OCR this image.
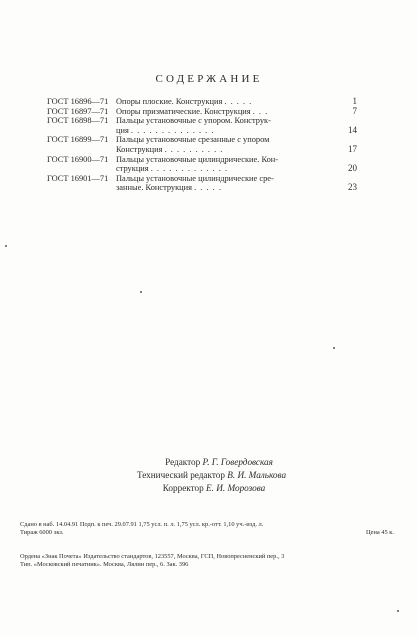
СОДЕРЖАНИЕ
ГОСТ 16896—71 Опоры плоские. Конструкция . . . . .	1
ГОСТ 16897—71 Опоры призматические. Конструкция . . .	7
ГОСТ 16898—71 Пальцы установочные с упором. Конструк-
ция . . . . . . . . . . . . . .	14
ГОСТ 16899—71 Пальцы установочные срезанные с упором
Конструкция . . . . . . . . . .	17
ГОСТ 16900—71 Пальцы установочные цилиндрические. Кон-
струкция . . . . . . . . . . . . .	20
ГОСТ 16901—71 Пальцы установочные цилиндрические сре-
занные. Конструкция . . . . .	23
Редактор Р. Г. Говердовская
Технический редактор В. И. Малькова
Корректор Е. И. Морозова
Сдано в наб. 14.04.91 Подп. к печ. 29.07.91 1,75 усл. п. л. 1,75 усл. кр.-отт. 1,10 уч.-изд. л.
Тираж 6000 экз.	Цена 45 к.
Ордена «Знак Почета» Издательство стандартов, 123557, Москва, ГСП, Новопресненский пер., 3
Тип. «Московский печатник». Москва, Лялин пер., 6. Зак. 396
